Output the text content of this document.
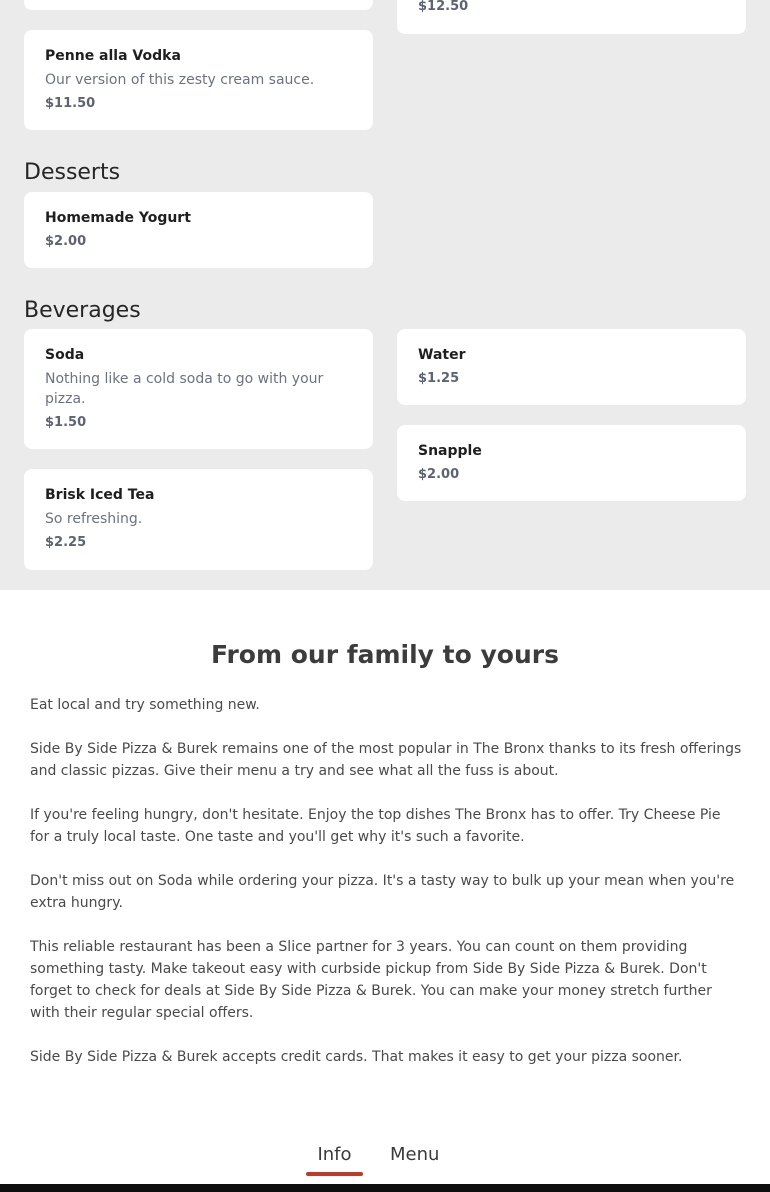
$12.50
Penne alla Vodka
Our version of this zesty cream sauce.
$11.50
Desserts
Homemade Yogurt
$2.00
Beverages
Soda
Nothing like a cold soda to go with your pizza.
$1.50
Water
$1.25
Snapple
$2.00
Brisk Iced Tea
So refreshing.
$2.25
From our family to yours

Eat local and try something new.

Side By Side Pizza & Burek remains one of the most popular in The Bronx thanks to its fresh offerings and classic pizzas. Give their menu a try and see what all the fuss is about.

If you're feeling hungry, don't hesitate. Enjoy the top dishes The Bronx has to offer. Try Cheese Pie for a truly local taste. One taste and you'll get why it's such a favorite.

Don't miss out on Soda while ordering your pizza. It's a tasty way to bulk up your mean when you're extra hungry.

This reliable restaurant has been a Slice partner for 3 years. You can count on them providing something tasty. Make takeout easy with curbside pickup from Side By Side Pizza & Burek. Don't forget to check for deals at Side By Side Pizza & Burek. You can make your money stretch further with their regular special offers.

Side By Side Pizza & Burek accepts credit cards. That makes it easy to get your pizza sooner.

Info	Menu
